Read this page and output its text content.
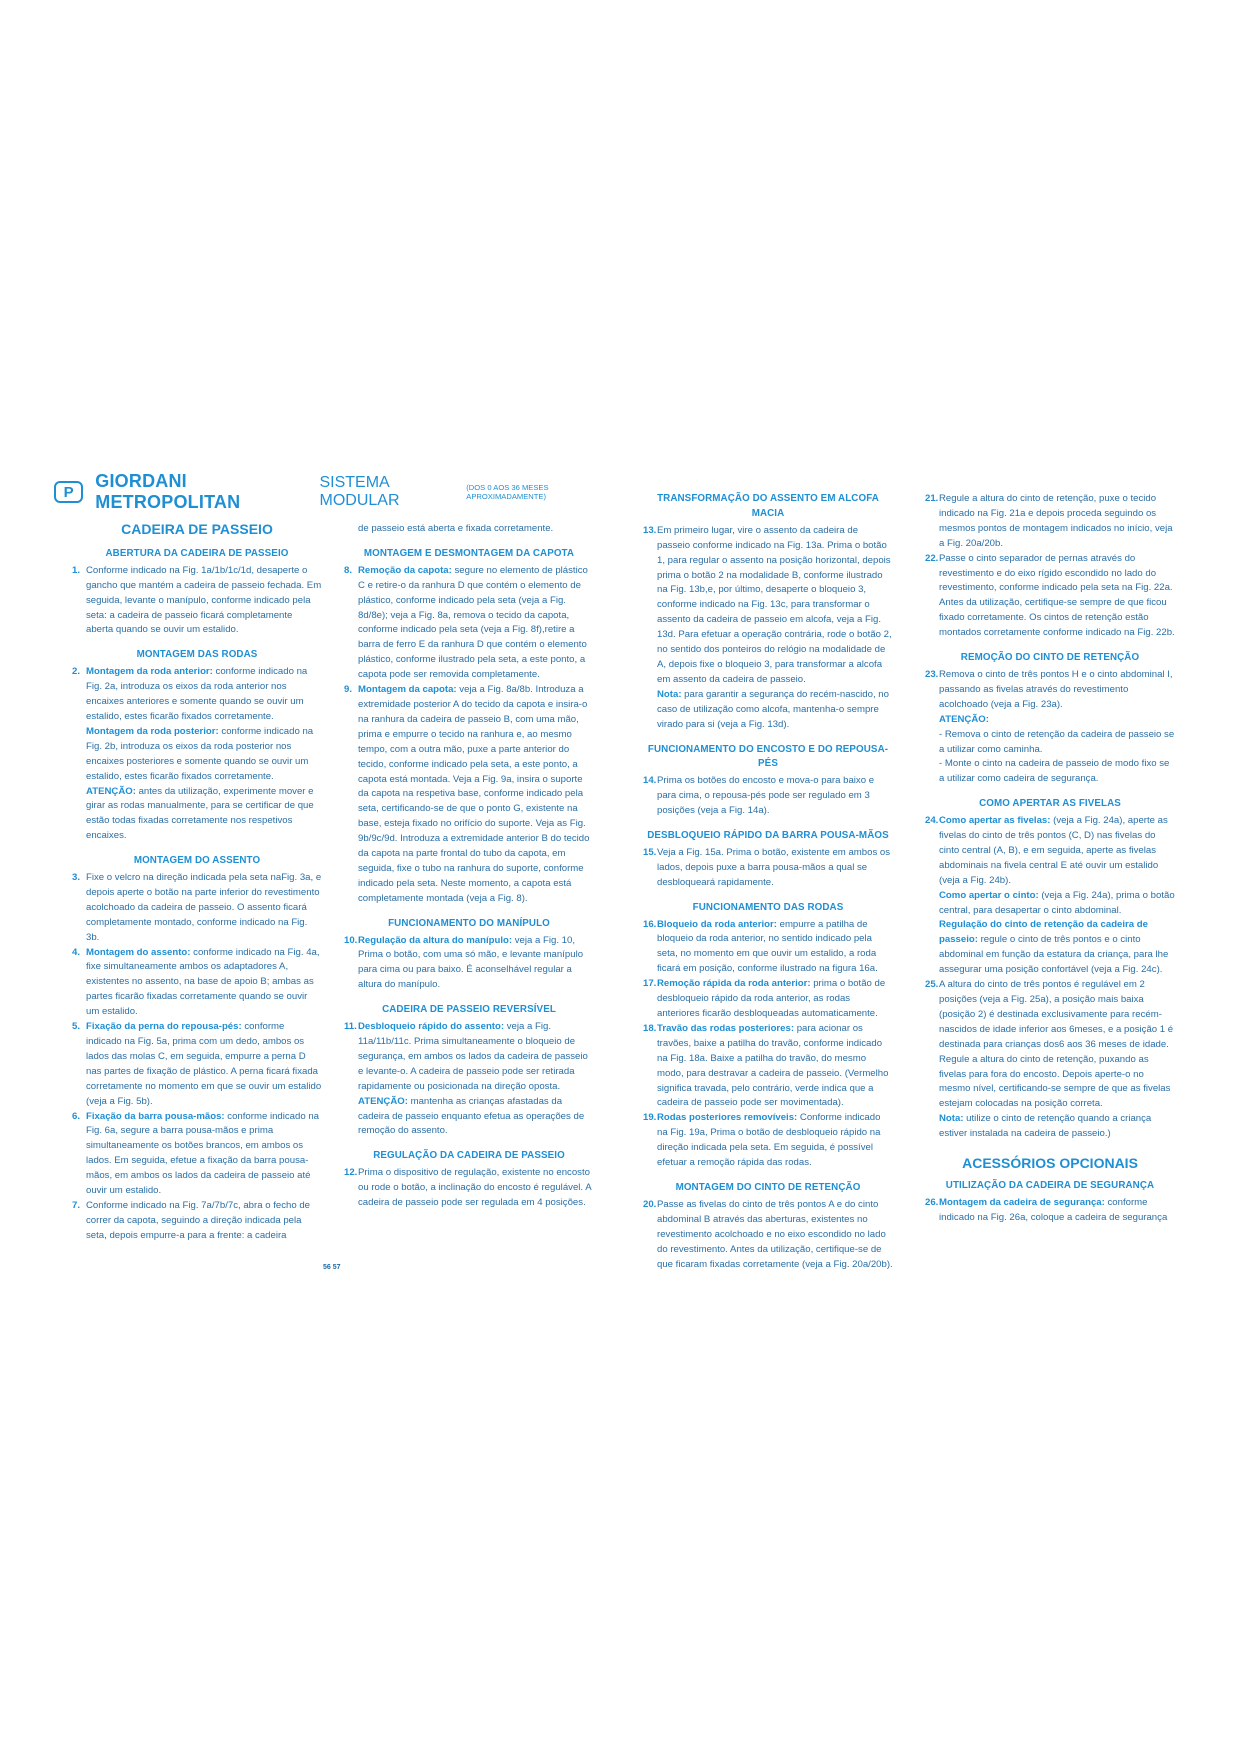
P
GIORDANI METROPOLITAN
SISTEMA MODULAR
(DOS 0 AOS 36 MESES APROXIMADAMENTE)
CADEIRA DE PASSEIO
ABERTURA DA CADEIRA DE PASSEIO

1. Conforme indicado na Fig. 1a/1b/1c/1d, desaperte o gancho que mantém a cadeira de passeio fechada. Em seguida, levante o manípulo, conforme indicado pela seta: a cadeira de passeio ficará completamente aberta quando se ouvir um estalido.

MONTAGEM DAS RODAS

2. Montagem da roda anterior: conforme indicado na Fig. 2a, introduza os eixos da roda anterior nos encaixes anteriores e somente quando se ouvir um estalido, estes ficarão fixados corretamente.

Montagem da roda posterior: conforme indicado na Fig. 2b, introduza os eixos da roda posterior nos encaixes posteriores e somente quando se ouvir um estalido, estes ficarão fixados corretamente.

ATENÇÃO: antes da utilização, experimente mover e girar as rodas manualmente, para se certificar de que estão todas fixadas corretamente nos respetivos encaixes.

MONTAGEM DO ASSENTO

3. Fixe o velcro na direção indicada pela seta naFig. 3a, e depois aperte o botão na parte inferior do revestimento acolchoado da cadeira de passeio. O assento ficará completamente montado, conforme indicado na Fig. 3b.

4. Montagem do assento: conforme indicado na Fig. 4a, fixe simultaneamente ambos os adaptadores A, existentes no assento, na base de apoio B; ambas as partes ficarão fixadas corretamente quando se ouvir um estalido.

5. Fixação da perna do repousa-pés: conforme indicado na Fig. 5a, prima com um dedo, ambos os lados das molas C, em seguida, empurre a perna D nas partes de fixação de plástico. A perna ficará fixada corretamente no momento em que se ouvir um estalido (veja a Fig. 5b).

6. Fixação da barra pousa-mãos: conforme indicado na Fig. 6a, segure a barra pousa-mãos e prima simultaneamente os botões brancos, em ambos os lados. Em seguida, efetue a fixação da barra pousa-mãos, em ambos os lados da cadeira de passeio até ouvir um estalido.

7. Conforme indicado na Fig. 7a/7b/7c, abra o fecho de correr da capota, seguindo a direção indicada pela seta, depois empurre-a para a frente: a cadeira

de passeio está aberta e fixada corretamente.

MONTAGEM E DESMONTAGEM DA CAPOTA

8. Remoção da capota: segure no elemento de plástico C e retire-o da ranhura D que contém o elemento de plástico, conforme indicado pela seta (veja a Fig. 8d/8e); veja a Fig. 8a, remova o tecido da capota, conforme indicado pela seta (veja a Fig. 8f),retire a barra de ferro E da ranhura D que contém o elemento plástico, conforme ilustrado pela seta, a este ponto, a capota pode ser removida completamente.

9. Montagem da capota: veja a Fig. 8a/8b. Introduza a extremidade posterior A do tecido da capota e insira-o na ranhura da cadeira de passeio B, com uma mão, prima e empurre o tecido na ranhura e, ao mesmo tempo, com a outra mão, puxe a parte anterior do tecido, conforme indicado pela seta, a este ponto, a capota está montada. Veja a Fig. 9a, insira o suporte da capota na respetiva base, conforme indicado pela seta, certificando-se de que o ponto G, existente na base, esteja fixado no orifício do suporte. Veja as Fig. 9b/9c/9d. Introduza a extremidade anterior B do tecido da capota na parte frontal do tubo da capota, em seguida, fixe o tubo na ranhura do suporte, conforme indicado pela seta. Neste momento, a capota está completamente montada (veja a Fig. 8).

FUNCIONAMENTO DO MANÍPULO

10. Regulação da altura do manípulo: veja a Fig. 10, Prima o botão, com uma só mão, e levante manípulo para cima ou para baixo. É aconselhável regular a altura do manípulo.

CADEIRA DE PASSEIO REVERSÍVEL

11. Desbloqueio rápido do assento: veja a Fig. 11a/11b/11c. Prima simultaneamente o bloqueio de segurança, em ambos os lados da cadeira de passeio e levante-o. A cadeira de passeio pode ser retirada rapidamente ou posicionada na direção oposta.

ATENÇÃO: mantenha as crianças afastadas da cadeira de passeio enquanto efetua as operações de remoção do assento.

REGULAÇÃO DA CADEIRA DE PASSEIO

12. Prima o dispositivo de regulação, existente no encosto ou rode o botão, a inclinação do encosto é regulável. A cadeira de passeio pode ser regulada em 4 posições.

56 57
TRANSFORMAÇÃO DO ASSENTO EM ALCOFA MACIA

13. Em primeiro lugar, vire o assento da cadeira de passeio conforme indicado na Fig. 13a. Prima o botão 1, para regular o assento na posição horizontal, depois prima o botão 2 na modalidade B, conforme ilustrado na Fig. 13b,e, por último, desaperte o bloqueio 3, conforme indicado na Fig. 13c, para transformar o assento da cadeira de passeio em alcofa, veja a Fig. 13d. Para efetuar a operação contrária, rode o botão 2, no sentido dos ponteiros do relógio na modalidade de A, depois fixe o bloqueio 3, para transformar a alcofa em assento da cadeira de passeio.

Nota: para garantir a segurança do recém-nascido, no caso de utilização como alcofa, mantenha-o sempre virado para si (veja a Fig. 13d).

FUNCIONAMENTO DO ENCOSTO E DO REPOUSA-PÉS

14. Prima os botões do encosto e mova-o para baixo e para cima, o repousa-pés pode ser regulado em 3 posições (veja a Fig. 14a).

DESBLOQUEIO RÁPIDO DA BARRA POUSA-MÃOS

15. Veja a Fig. 15a. Prima o botão, existente em ambos os lados, depois puxe a barra pousa-mãos a qual se desbloqueará rapidamente.

FUNCIONAMENTO DAS RODAS

16. Bloqueio da roda anterior: empurre a patilha de bloqueio da roda anterior, no sentido indicado pela seta, no momento em que ouvir um estalido, a roda ficará em posição, conforme ilustrado na figura 16a.

17. Remoção rápida da roda anterior: prima o botão de desbloqueio rápido da roda anterior, as rodas anteriores ficarão desbloqueadas automaticamente.

18. Travão das rodas posteriores: para acionar os travões, baixe a patilha do travão, conforme indicado na Fig. 18a. Baixe a patilha do travão, do mesmo modo, para destravar a cadeira de passeio. (Vermelho significa travada, pelo contrário, verde indica que a cadeira de passeio pode ser movimentada).

19. Rodas posteriores removíveis: Conforme indicado na Fig. 19a, Prima o botão de desbloqueio rápido na direção indicada pela seta. Em seguida, é possível efetuar a remoção rápida das rodas.

MONTAGEM DO CINTO DE RETENÇÃO

20. Passe as fivelas do cinto de três pontos A e do cinto abdominal B através das aberturas, existentes no revestimento acolchoado e no eixo escondido no lado do revestimento. Antes da utilização, certifique-se de que ficaram fixadas corretamente (veja a Fig. 20a/20b).

21. Regule a altura do cinto de retenção, puxe o tecido indicado na Fig. 21a e depois proceda seguindo os mesmos pontos de montagem indicados no início, veja a Fig. 20a/20b.

22. Passe o cinto separador de pernas através do revestimento e do eixo rígido escondido no lado do revestimento, conforme indicado pela seta na Fig. 22a. Antes da utilização, certifique-se sempre de que ficou fixado corretamente. Os cintos de retenção estão montados corretamente conforme indicado na Fig. 22b.

REMOÇÃO DO CINTO DE RETENÇÃO

23. Remova o cinto de três pontos H e o cinto abdominal I, passando as fivelas através do revestimento acolchoado (veja a Fig. 23a).

ATENÇÃO:

- Remova o cinto de retenção da cadeira de passeio se a utilizar como caminha.

- Monte o cinto na cadeira de passeio de modo fixo se a utilizar como cadeira de segurança.

COMO APERTAR AS FIVELAS

24. Como apertar as fivelas: (veja a Fig. 24a), aperte as fivelas do cinto de três pontos (C, D) nas fivelas do cinto central (A, B), e em seguida, aperte as fivelas abdominais na fivela central E até ouvir um estalido (veja a Fig. 24b).

Como apertar o cinto: (veja a Fig. 24a), prima o botão central, para desapertar o cinto abdominal.

Regulação do cinto de retenção da cadeira de passeio: regule o cinto de três pontos e o cinto abdominal em função da estatura da criança, para lhe assegurar uma posição confortável (veja a Fig. 24c).

25. A altura do cinto de três pontos é regulável em 2 posições (veja a Fig. 25a), a posição mais baixa (posição 2) é destinada exclusivamente para recém-nascidos de idade inferior aos 6meses, e a posição 1 é destinada para crianças dos6 aos 36 meses de idade. Regule a altura do cinto de retenção, puxando as fivelas para fora do encosto. Depois aperte-o no mesmo nível, certificando-se sempre de que as fivelas estejam colocadas na posição correta.

Nota: utilize o cinto de retenção quando a criança estiver instalada na cadeira de passeio.)

ACESSÓRIOS OPCIONAIS
UTILIZAÇÃO DA CADEIRA DE SEGURANÇA

26. Montagem da cadeira de segurança: conforme indicado na Fig. 26a, coloque a cadeira de segurança
